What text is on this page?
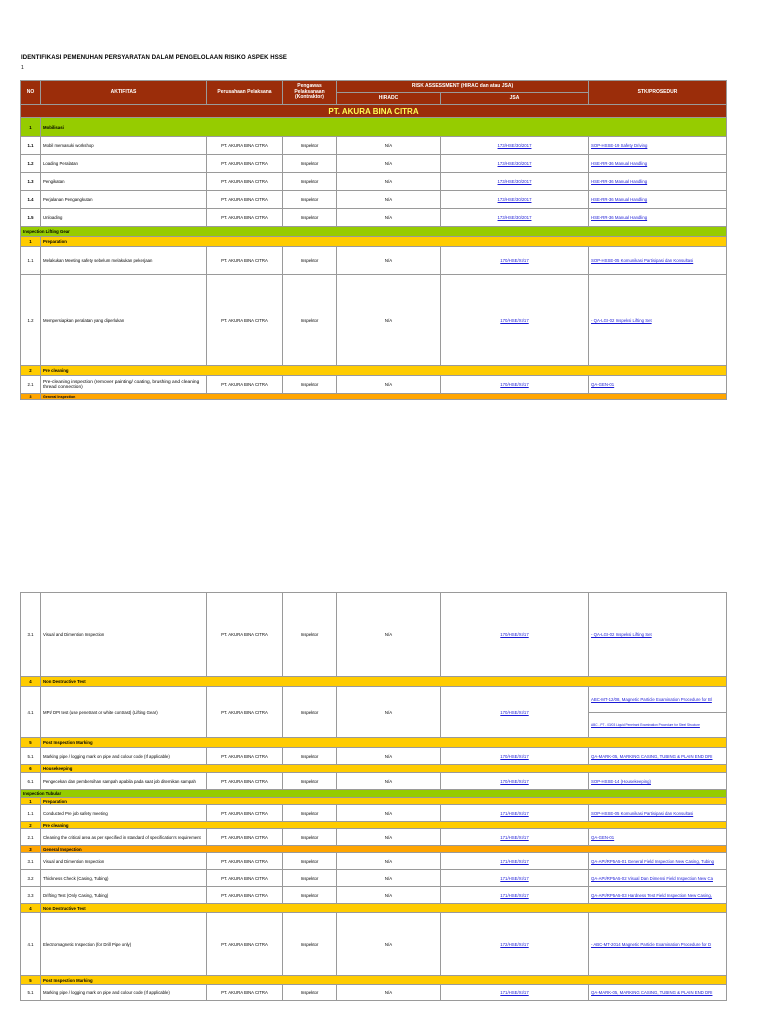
IDENTIFIKASI PEMENUHAN PERSYARATAN DALAM PENGELOLAAN RISIKO ASPEK HSSE
1
NO	AKTIFITAS	Perusahaan Pelaksana	Pengawas Pelaksanaan (Kontraktor)	RISK ASSESSMENT (HIRAC dan atau JSA)		STK/PROSEDUR
				HIRADC	JSA	
PT. AKURA BINA CITRA						
1	Mobilisasi					
1.1	Mobil memasuki workshop	PT. AKURA BINA CITRA	Inspektor	N/A	173/HSE/30/2017	SOP-HSSE-19 Safety Driving
1.2	Loading Peralatan	PT. AKURA BINA CITRA	Inspektor	N/A	173/HSE/30/2017	HSE-RR-36 Manual Handling
1.3	Pengikatan	PT. AKURA BINA CITRA	Inspektor	N/A	173/HSE/30/2017	HSE-RR-36 Manual Handling
1.4	Perjalanan Pengangkutan	PT. AKURA BINA CITRA	Inspektor	N/A	173/HSE/30/2017	HSE-RR-36 Manual Handling
1.5	Unloading	PT. AKURA BINA CITRA	Inspektor	N/A	173/HSE/30/2017	HSE-RR-36 Manual Handling
Inspection Lifting Gear						
1	Preparation					
1.1	Melakukan Meeting safety sebelum melakukan pekerjaan	PT. AKURA BINA CITRA	Inspektor	N/A	170/HSE/XI/17	SOP-HSSE-05 Komunikasi Partisipasi dan Konsultasi
1.2	Mempersiapkan peralatan yang diperlukan	PT. AKURA BINA CITRA	Inspektor	N/A	170/HSE/XI/17	- QA-LGI-02 Inspeksi Lifting Set
2	Pre cleaning					
2.1	Pre-cleaning inspection (remover painting/ coating, brushing and cleaning thread connection)	PT. AKURA BINA CITRA	Inspektor	N/A	170/HSE/XI/17	QA-GEN-01
3	General Inspection					
3.1	Visual and Dimention Inspection	PT. AKURA BINA CITRA	Inspektor	N/A	170/HSE/XI/17	- QA-LGI-02 Inspeksi Lifting Set
4	Non Destructive Test					
4.1	MPI/ DPI test (use penetrant or white contrast) (Lifting Gear)	PT. AKURA BINA CITRA	Inspektor	N/A	170/HSE/XI/17	ABC-MT-12/08, Magnetic Particle Examination Procedure for Bl
ABC - PT - 03/03 Liquid Penetrant Examination Procedure for Steel Structure

5	Post Inspection Marking					
5.1	Marking pipe / logging mark on pipe and colour code (If applicable)	PT. AKURA BINA CITRA	Inspektor	N/A	170/HSE/XI/17	QA-MARK-05, MARKING CASING, TUBING & PLAIN END DRI
6	Housekeeping					
6.1	Pengecekan dan pembersihan sampah apabila pada saat job ditemikan sampah	PT. AKURA BINA CITRA	Inspektor	N/A	170/HSE/XI/17	SOP-HSSE-14 (Housekeeping)
Inspection Tubular						
1	Preparation					
1.1	Conducted Pre job safety meeting	PT. AKURA BINA CITRA	Inspektor	N/A	171/HSE/XI/17	SOP-HSSE-05 Komunikasi Partisipasi dan Konsultasi
2	Pre cleaning					
2.1	Cleaning the critical area as per specified in standard of specification's requirement	PT. AKURA BINA CITRA	Inspektor	N/A	171/HSE/XI/17	QA-GEN-01
3	General Inspection					
3.1	Visual and Dimention Inspection	PT. AKURA BINA CITRA	Inspektor	N/A	171/HSE/XI/17	QA-API/RP5A5-01 General Field Inspection New Casing, Tubing
3.2	Thickness Check (Casing, Tubing)	PT. AKURA BINA CITRA	Inspektor	N/A	171/HSE/XI/17	QA-API/RP5A5-02 Visual Dan Dimensi Field Inspection New Ca
3.3	Drifting Test (Only Casing, Tubing)	PT. AKURA BINA CITRA	Inspektor	N/A	171/HSE/XI/17	QA-API/RP5A5-03 Hardness Test Field Inspection New Casing,
4	Non Destructive Test					
4.1	Electromagnetic Inspection (for Drill Pipe only)	PT. AKURA BINA CITRA	Inspektor	N/A	172/HSE/XI/17	- ABC-MT-2014 Magnetic Particle Examination Procedure for D
5	Post Inspection Marking					
5.1	Marking pipe / logging mark on pipe and colour code (If applicable)	PT. AKURA BINA CITRA	Inspektor	N/A	171/HSE/XI/17	QA-MARK-05, MARKING CASING, TUBING & PLAIN END DRI
